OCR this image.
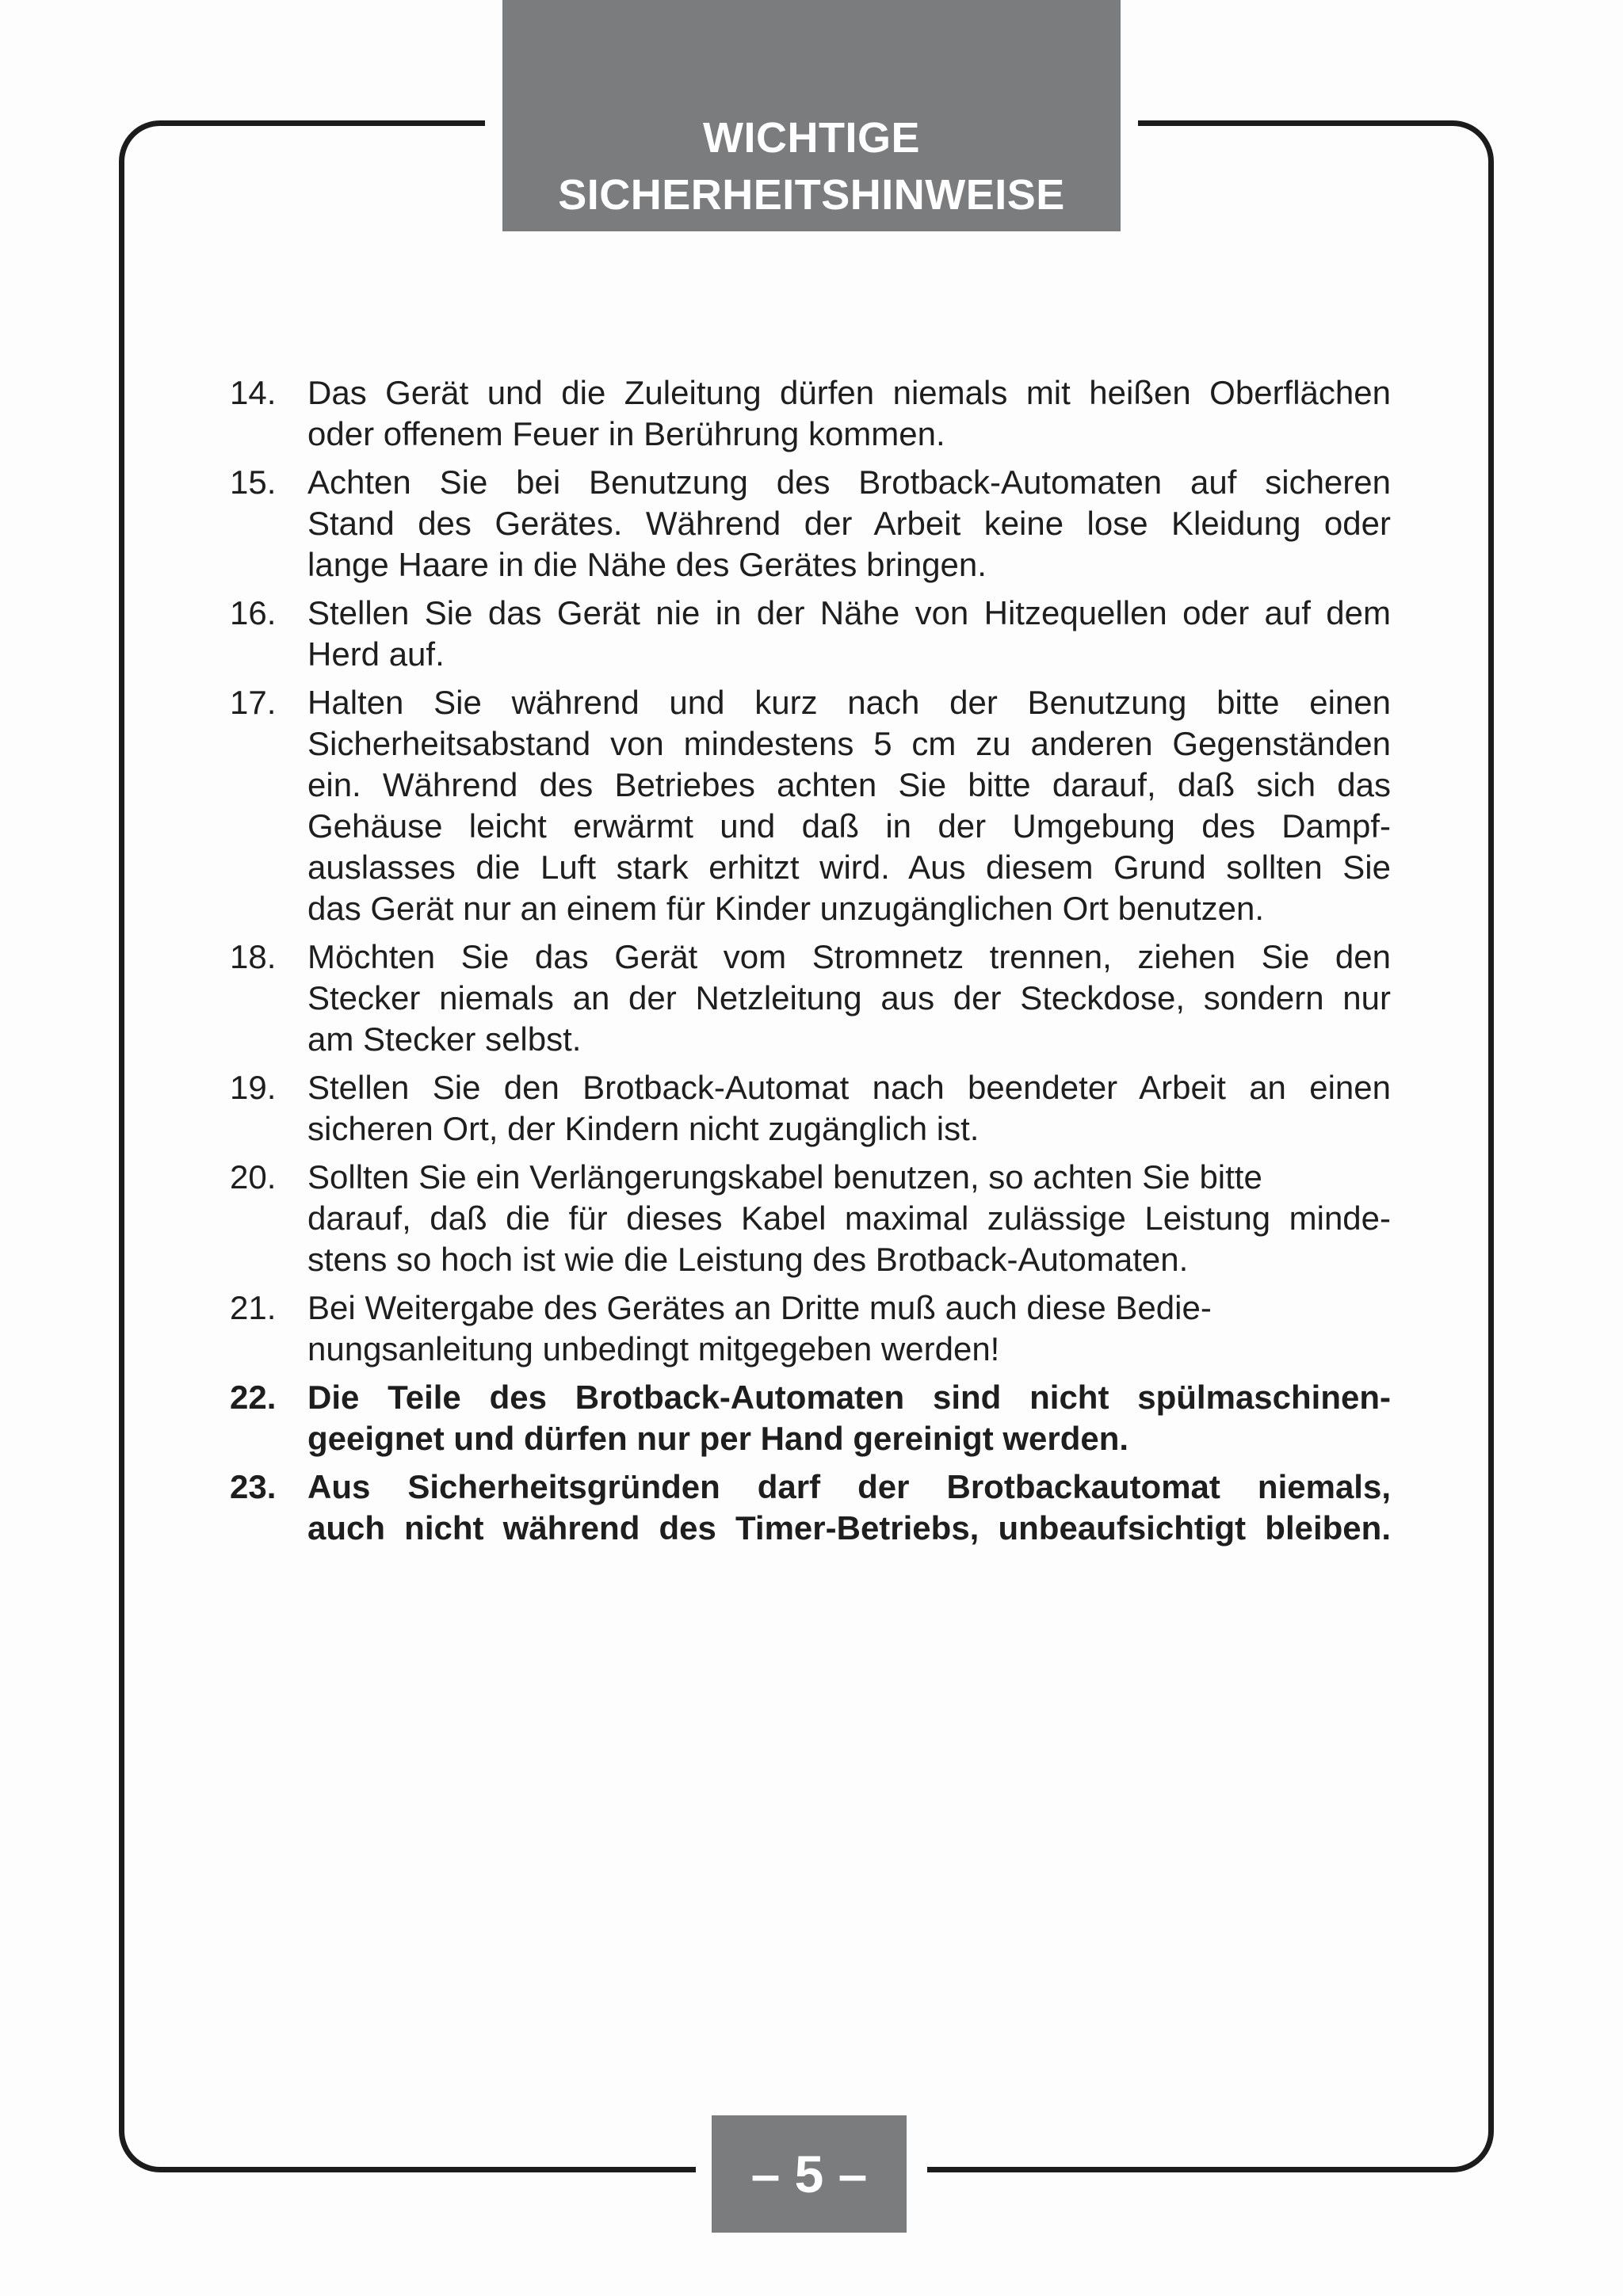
WICHTIGE
SICHERHEITSHINWEISE
14. Das Gerät und die Zuleitung dürfen niemals mit heißen Oberflächen
oder offenem Feuer in Berührung kommen.
15. Achten Sie bei Benutzung des Brotback-Automaten auf sicheren
Stand des Gerätes. Während der Arbeit keine lose Kleidung oder
lange Haare in die Nähe des Gerätes bringen.
16. Stellen Sie das Gerät nie in der Nähe von Hitzequellen oder auf dem
Herd auf.
17. Halten Sie während und kurz nach der Benutzung bitte einen
Sicherheitsabstand von mindestens 5 cm zu anderen Gegenständen
ein. Während des Betriebes achten Sie bitte darauf, daß sich das
Gehäuse leicht erwärmt und daß in der Umgebung des Dampf-
auslasses die Luft stark erhitzt wird. Aus diesem Grund sollten Sie
das Gerät nur an einem für Kinder unzugänglichen Ort benutzen.
18. Möchten Sie das Gerät vom Stromnetz trennen, ziehen Sie den
Stecker niemals an der Netzleitung aus der Steckdose, sondern nur
am Stecker selbst.
19. Stellen Sie den Brotback-Automat nach beendeter Arbeit an einen
sicheren Ort, der Kindern nicht zugänglich ist.
20. Sollten Sie ein Verlängerungskabel benutzen, so achten Sie bitte
darauf, daß die für dieses Kabel maximal zulässige Leistung minde-
stens so hoch ist wie die Leistung des Brotback-Automaten.
21. Bei Weitergabe des Gerätes an Dritte muß auch diese Bedie-
nungsanleitung unbedingt mitgegeben werden!
22. Die Teile des Brotback-Automaten sind nicht spülmaschinen-
geeignet und dürfen nur per Hand gereinigt werden.
23. Aus Sicherheitsgründen darf der Brotbackautomat niemals,
auch nicht während des Timer-Betriebs, unbeaufsichtigt bleiben.
– 5 –
